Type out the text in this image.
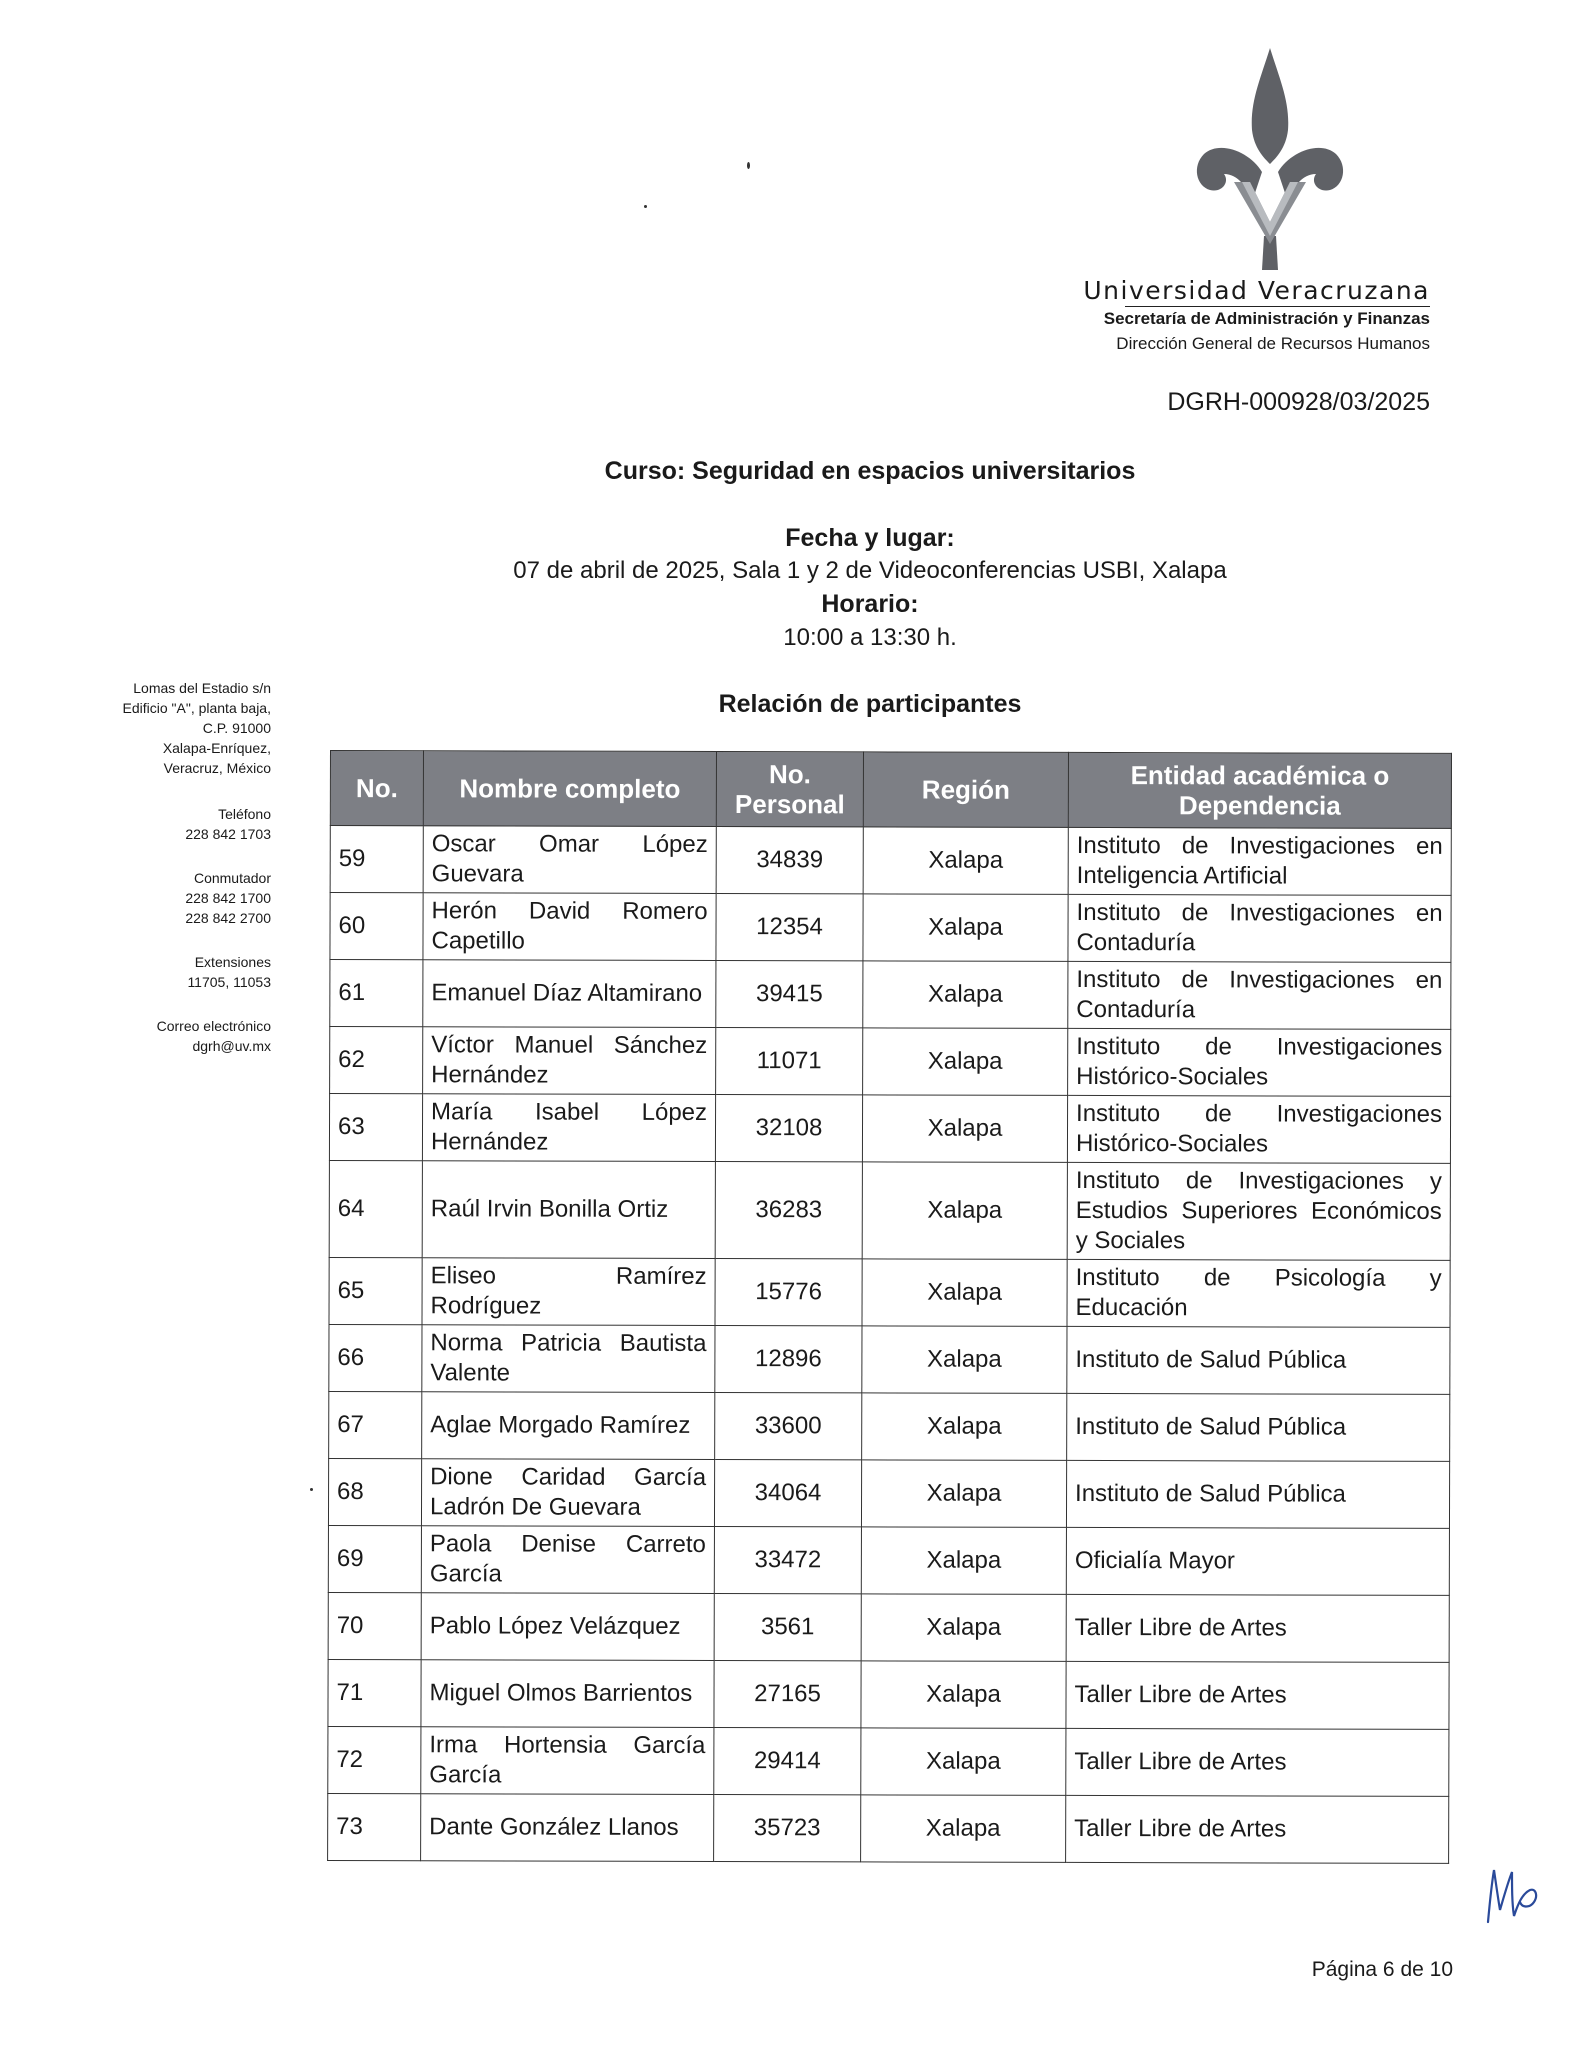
Universidad Veracruzana
Secretaría de Administración y Finanzas
Dirección General de Recursos Humanos
DGRH-000928/03/2025
Curso: Seguridad en espacios universitarios
Fecha y lugar:
07 de abril de 2025, Sala 1 y 2 de Videoconferencias USBI, Xalapa
Horario:
10:00 a 13:30 h.
Relación de participantes

Lomas del Estadio s/n

Edificio "A", planta baja,

C.P. 91000

Xalapa-Enríquez,

Veracruz, México

Teléfono

228 842 1703

Conmutador

228 842 1700

228 842 2700

Extensiones

11705, 11053

Correo electrónico

dgrh@uv.mx

No.	Nombre completo	No. Personal	Región	Entidad académica o Dependencia
59	Oscar Omar López Guevara	34839	Xalapa	Instituto de Investigaciones en Inteligencia Artificial
60	Herón David Romero Capetillo	12354	Xalapa	Instituto de Investigaciones en Contaduría
61	Emanuel Díaz Altamirano	39415	Xalapa	Instituto de Investigaciones en Contaduría
62	Víctor Manuel Sánchez Hernández	11071	Xalapa	Instituto de Investigaciones Histórico-Sociales
63	María Isabel López Hernández	32108	Xalapa	Instituto de Investigaciones Histórico-Sociales
64	Raúl Irvin Bonilla Ortiz	36283	Xalapa	Instituto de Investigaciones y Estudios Superiores Económicos y Sociales
65	Eliseo Ramírez Rodríguez	15776	Xalapa	Instituto de Psicología y Educación
66	Norma Patricia Bautista Valente	12896	Xalapa	Instituto de Salud Pública
67	Aglae Morgado Ramírez	33600	Xalapa	Instituto de Salud Pública
68	Dione Caridad García Ladrón De Guevara	34064	Xalapa	Instituto de Salud Pública
69	Paola Denise Carreto García	33472	Xalapa	Oficialía Mayor
70	Pablo López Velázquez	3561	Xalapa	Taller Libre de Artes
71	Miguel Olmos Barrientos	27165	Xalapa	Taller Libre de Artes
72	Irma Hortensia García García	29414	Xalapa	Taller Libre de Artes
73	Dante González Llanos	35723	Xalapa	Taller Libre de Artes
Página 6 de 10
